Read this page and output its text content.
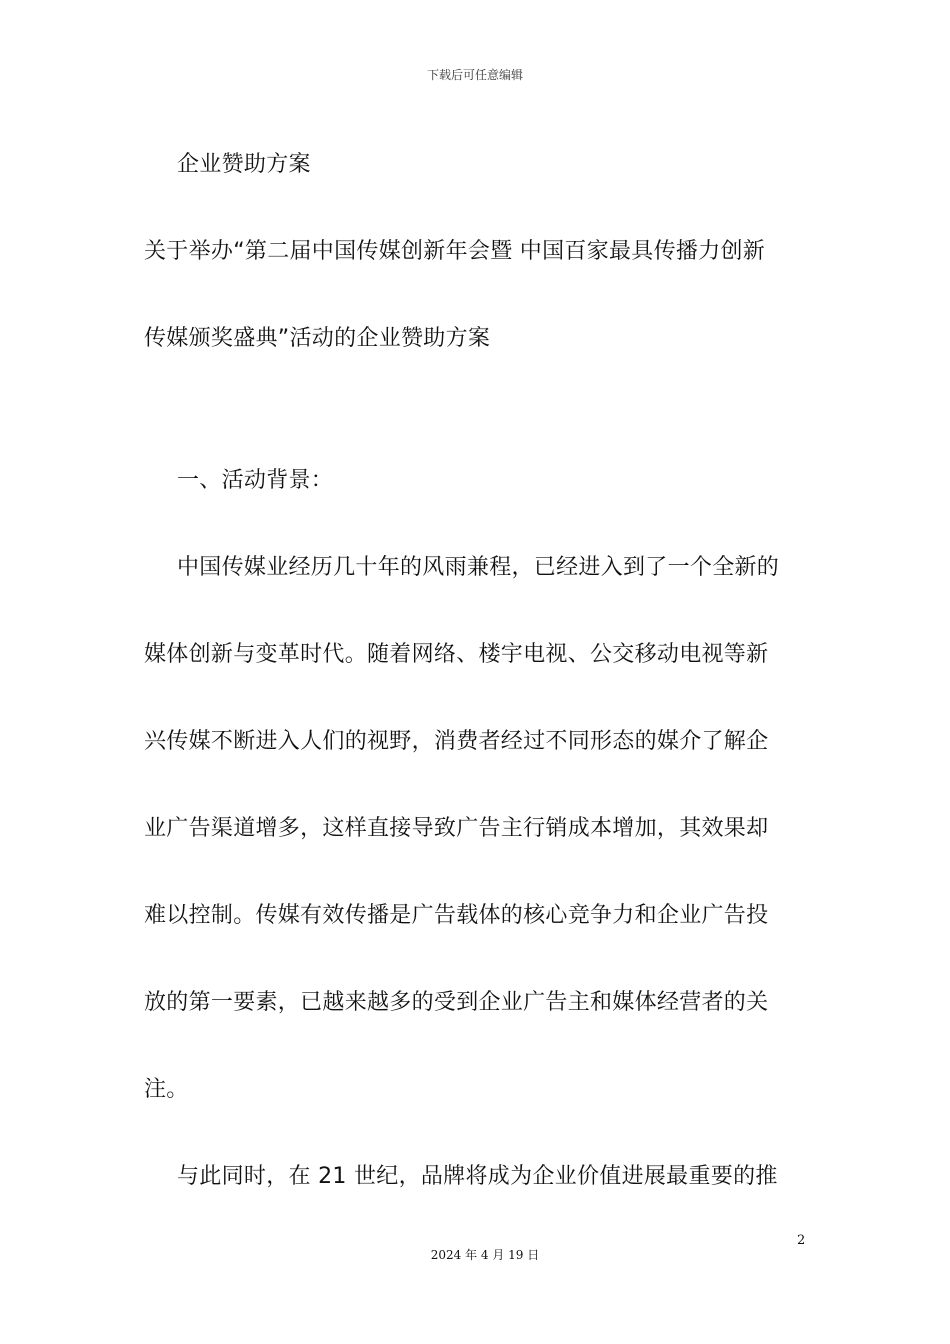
下载后可任意编辑
企业赞助方案
关于举办“第二届中国传媒创新年会暨 中国百家最具传播力创新
传媒颁奖盛典”活动的企业赞助方案
一、活动背景：
中国传媒业经历几十年的风雨兼程，已经进入到了一个全新的
媒体创新与变革时代。随着网络、楼宇电视、公交移动电视等新
兴传媒不断进入人们的视野，消费者经过不同形态的媒介了解企
业广告渠道增多，这样直接导致广告主行销成本增加，其效果却
难以控制。传媒有效传播是广告载体的核心竞争力和企业广告投
放的第一要素，已越来越多的受到企业广告主和媒体经营者的关
注。
与此同时，在 21 世纪，品牌将成为企业价值进展最重要的推
2
2024 年 4 月 19 日
